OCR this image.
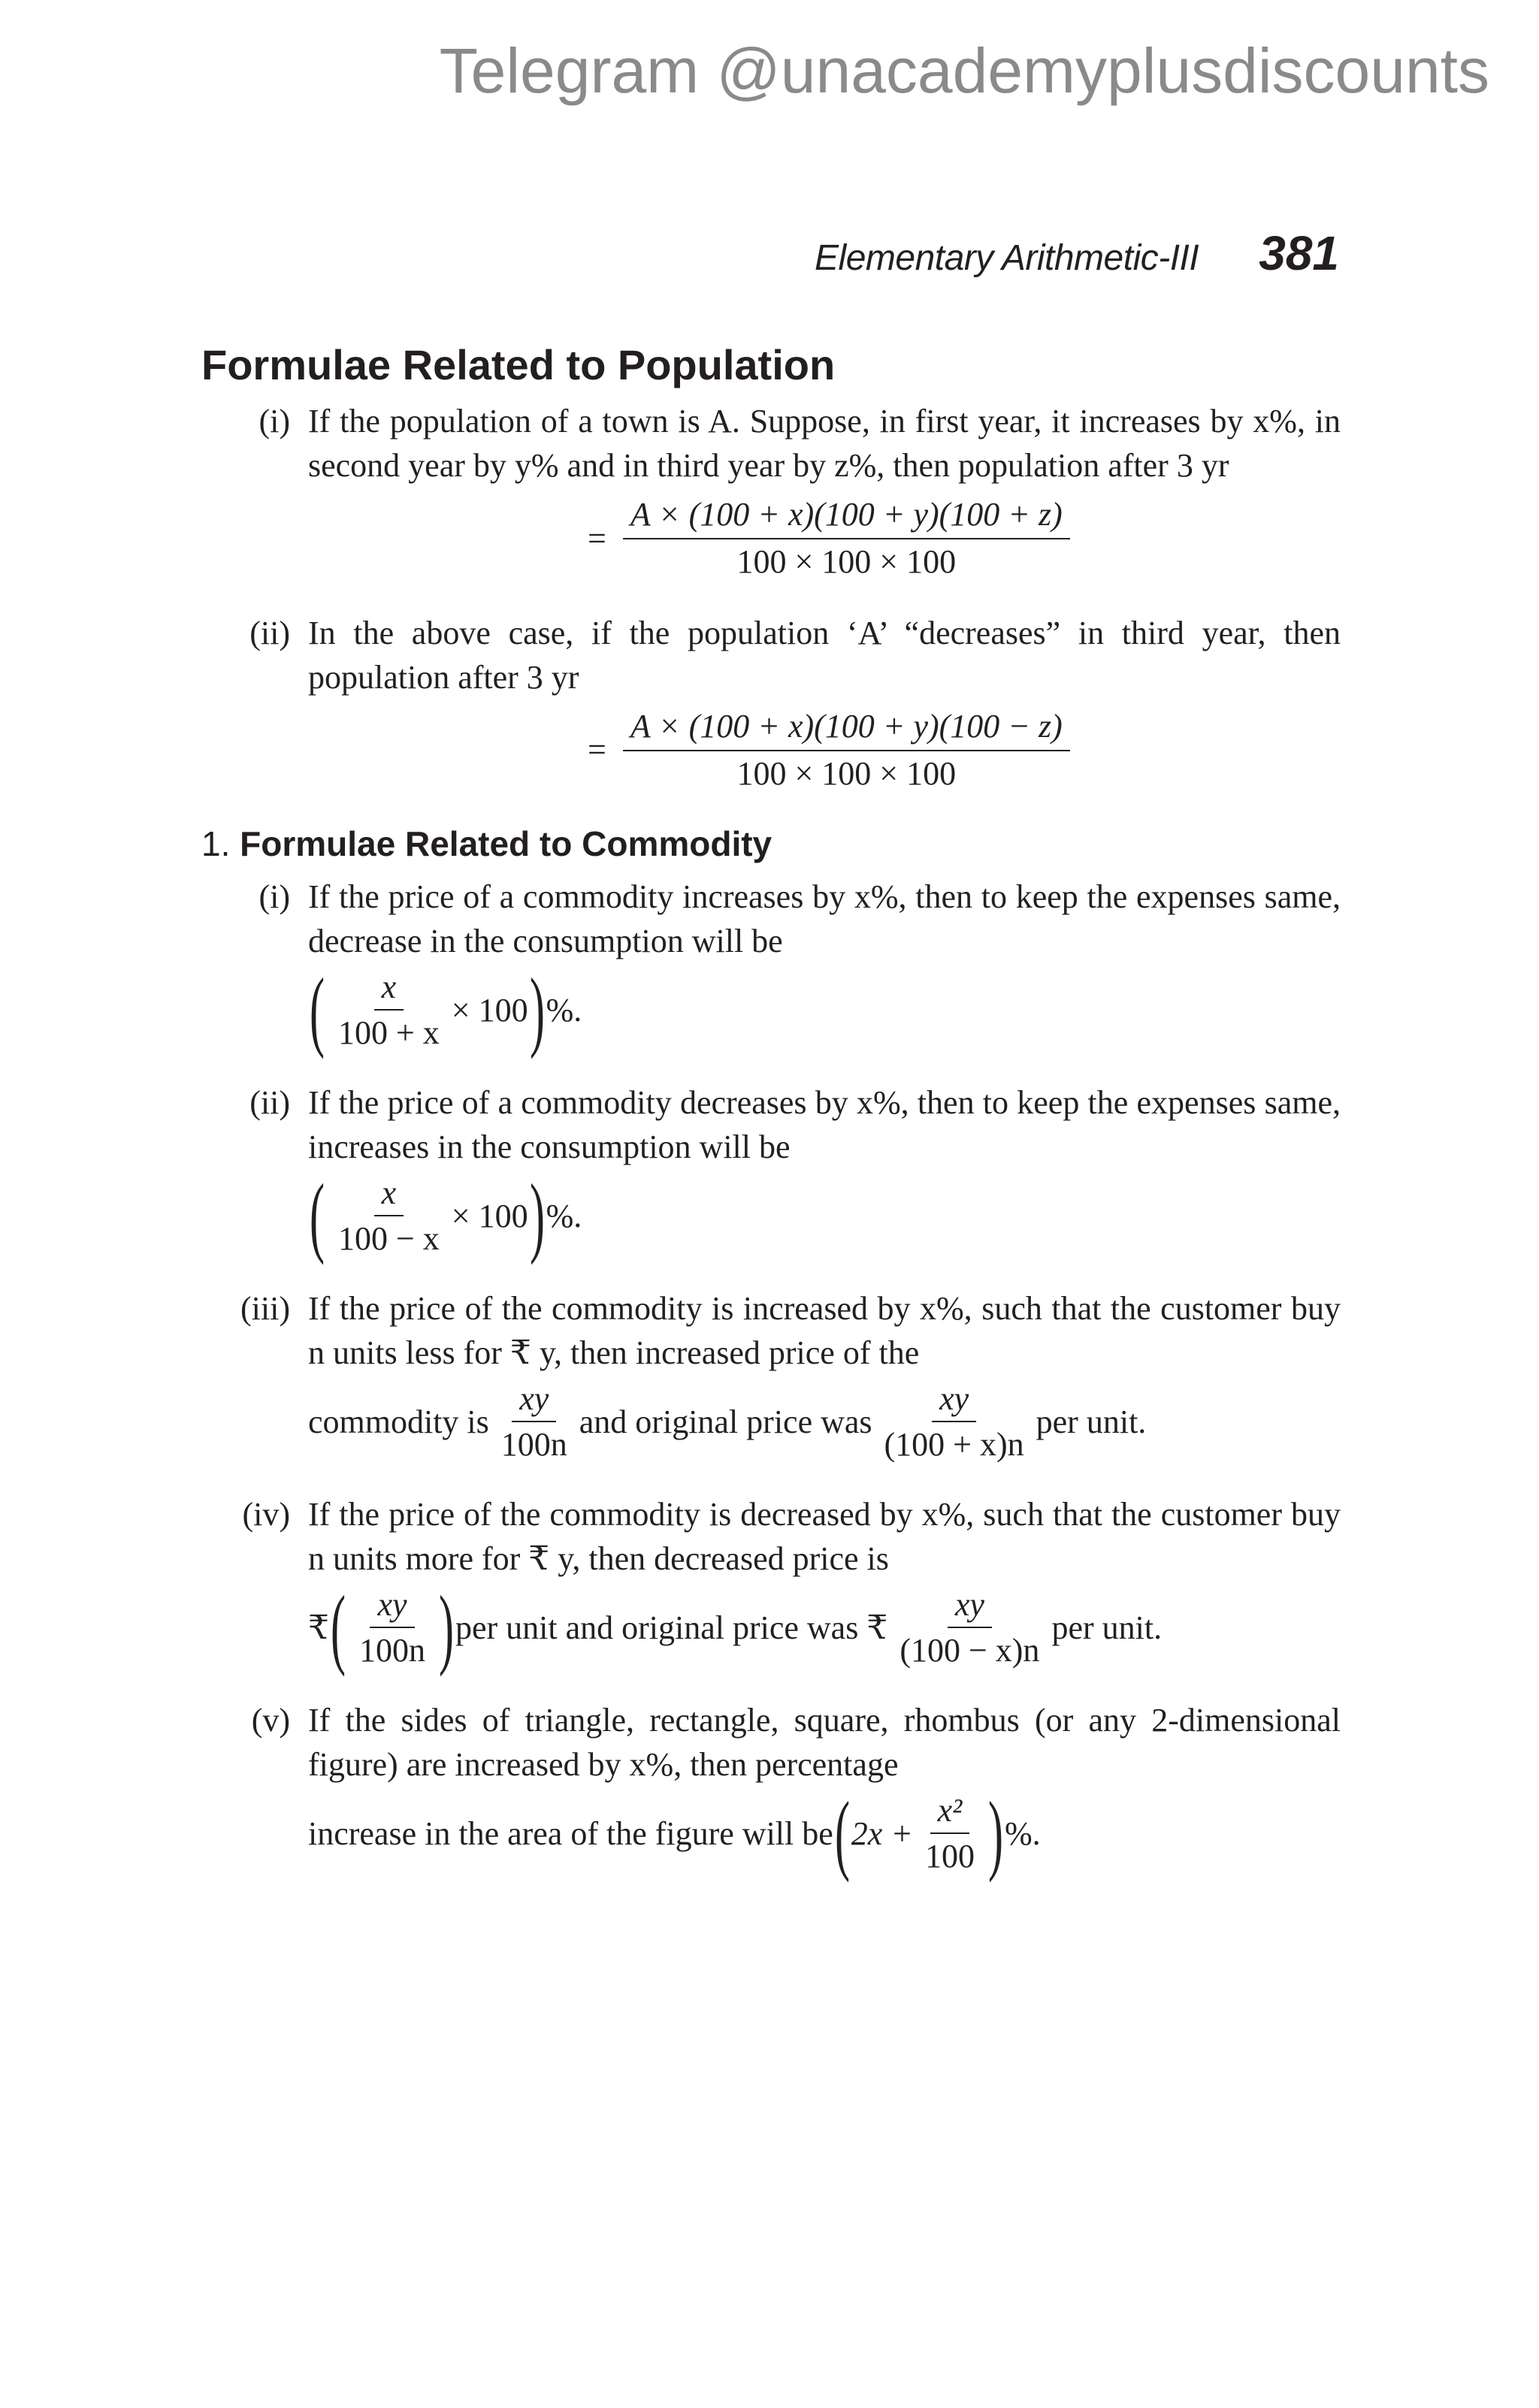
Telegram @unacademyplusdiscounts
Elementary Arithmetic-III 381
Formulae Related to Population
(i) If the population of a town is A. Suppose, in first year, it increases by x%, in second year by y% and in third year by z%, then population after 3 yr
= $\frac{A \times (100 + x)(100 + y)(100 + z)}{100 \times 100 \times 100}$
(ii) In the above case, if the population ‘A’ “decreases” in third year, then population after 3 yr
= $\frac{A \times (100 + x)(100 + y)(100 - z)}{100 \times 100 \times 100}$
1. Formulae Related to Commodity
(i) If the price of a commodity increases by x%, then to keep the expenses same, decrease in the consumption will be
( $\frac{x}{100 + x} \times 100$ ) %.
(ii) If the price of a commodity decreases by x%, then to keep the expenses same, increases in the consumption will be
( $\frac{x}{100 - x} \times 100$ ) %.
(iii) If the price of the commodity is increased by x%, such that the customer buy n units less for ₹ y, then increased price of the
commodity is $\frac{xy}{100n}$ and original price was $\frac{xy}{(100 + x)n}$ per unit.
(iv) If the price of the commodity is decreased by x%, such that the customer buy n units more for ₹ y, then decreased price is
₹ ( $\frac{xy}{100n}$ ) per unit and original price was ₹ $\frac{xy}{(100 - x)n}$ per unit.
(v) If the sides of triangle, rectangle, square, rhombus (or any 2-dimensional figure) are increased by x%, then percentage
increase in the area of the figure will be ( $2x + \frac{\text{x²}}{100}$ ) %.
